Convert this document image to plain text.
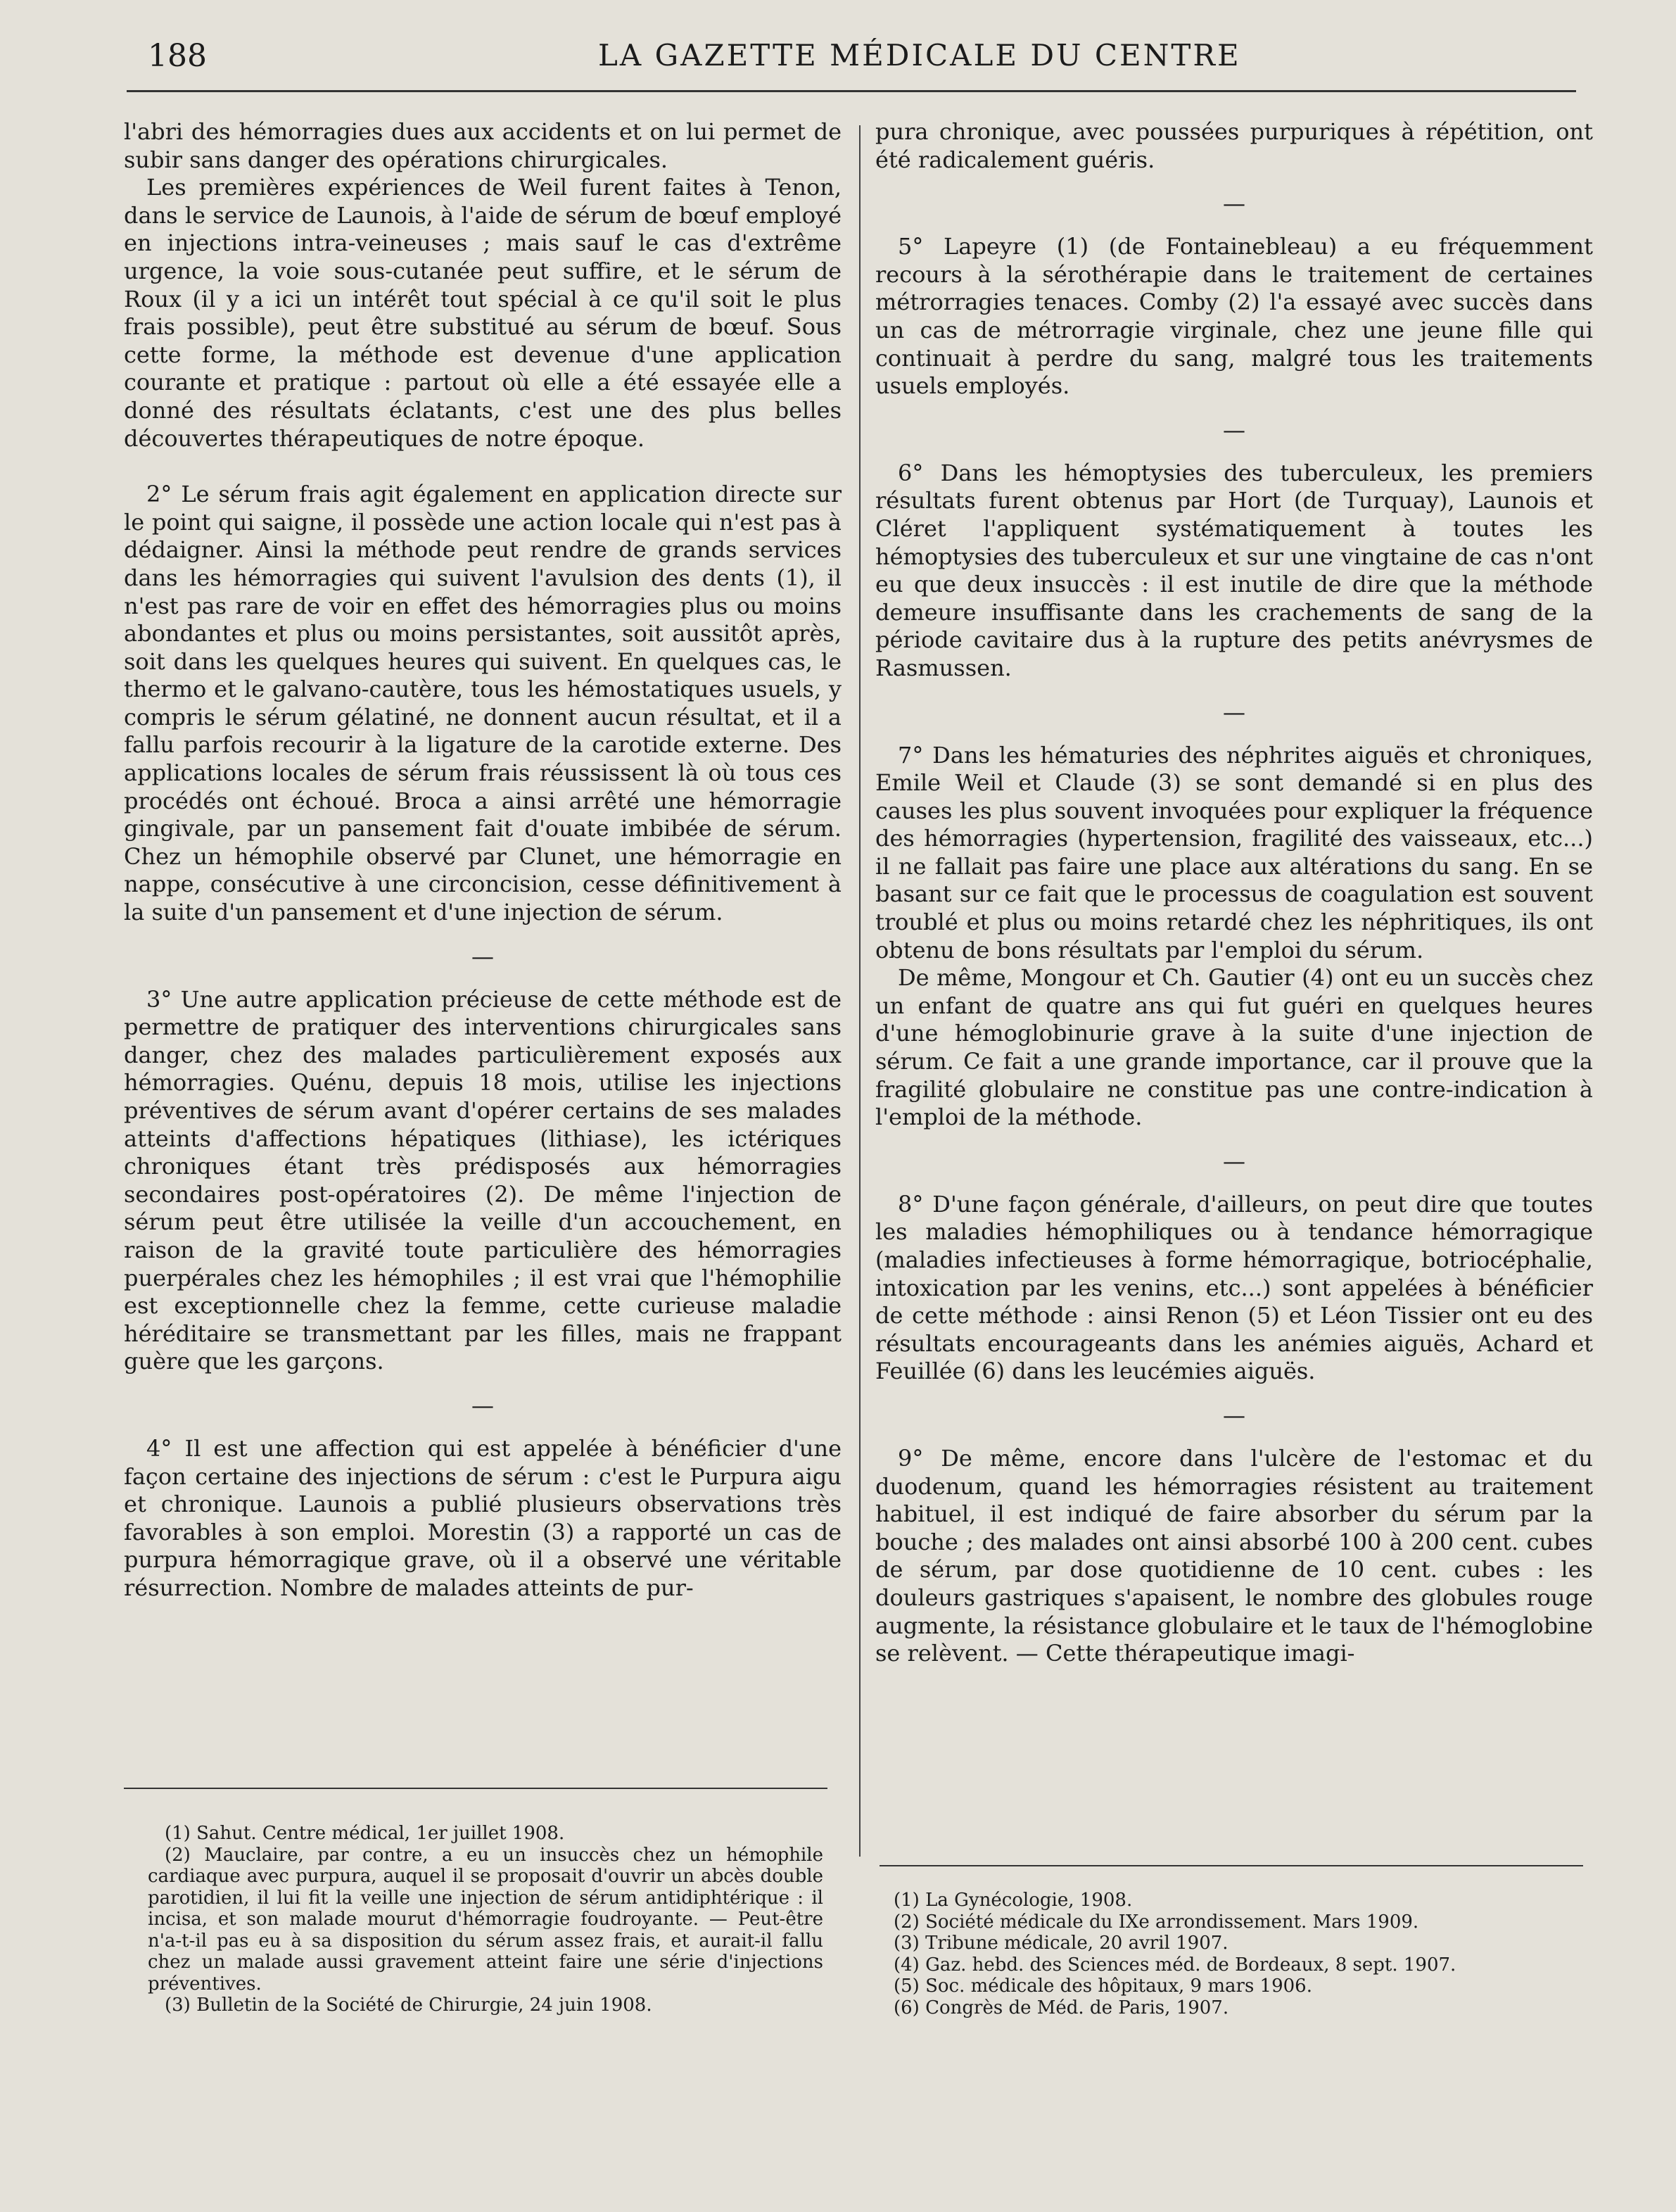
188	LA GAZETTE MÉDICALE DU CENTRE

l'abri des hémorragies dues aux accidents et on lui permet de subir sans danger des opérations chirurgicales.

Les premières expériences de Weil furent faites à Tenon, dans le service de Launois, à l'aide de sérum de bœuf employé en injections intra-veineuses ; mais sauf le cas d'extrême urgence, la voie sous-cutanée peut suffire, et le sérum de Roux (il y a ici un intérêt tout spécial à ce qu'il soit le plus frais possible), peut être substitué au sérum de bœuf. Sous cette forme, la méthode est devenue d'une application courante et pratique : partout où elle a été essayée elle a donné des résultats éclatants, c'est une des plus belles découvertes thérapeutiques de notre époque.

2° Le sérum frais agit également en application directe sur le point qui saigne, il possède une action locale qui n'est pas à dédaigner. Ainsi la méthode peut rendre de grands services dans les hémorragies qui suivent l'avulsion des dents (1), il n'est pas rare de voir en effet des hémorragies plus ou moins abondantes et plus ou moins persistantes, soit aussitôt après, soit dans les quelques heures qui suivent. En quelques cas, le thermo et le galvano-cautère, tous les hémostatiques usuels, y compris le sérum gélatiné, ne donnent aucun résultat, et il a fallu parfois recourir à la ligature de la carotide externe. Des applications locales de sérum frais réussissent là où tous ces procédés ont échoué. Broca a ainsi arrêté une hémorragie gingivale, par un pansement fait d'ouate imbibée de sérum. Chez un hémophile observé par Clunet, une hémorragie en nappe, consécutive à une circoncision, cesse définitivement à la suite d'un pansement et d'une injection de sérum.

—

3° Une autre application précieuse de cette méthode est de permettre de pratiquer des interventions chirurgicales sans danger, chez des malades particulièrement exposés aux hémorragies. Quénu, depuis 18 mois, utilise les injections préventives de sérum avant d'opérer certains de ses malades atteints d'affections hépatiques (lithiase), les ictériques chroniques étant très prédisposés aux hémorragies secondaires post-opératoires (2). De même l'injection de sérum peut être utilisée la veille d'un accouchement, en raison de la gravité toute particulière des hémorragies puerpérales chez les hémophiles ; il est vrai que l'hémophilie est exceptionnelle chez la femme, cette curieuse maladie héréditaire se transmettant par les filles, mais ne frappant guère que les garçons.

—

4° Il est une affection qui est appelée à bénéficier d'une façon certaine des injections de sérum : c'est le Purpura aigu et chronique. Launois a publié plusieurs observations très favorables à son emploi. Morestin (3) a rapporté un cas de purpura hémorragique grave, où il a observé une véritable résurrection. Nombre de malades atteints de pur-

(1) Sahut. Centre médical, 1er juillet 1908.

(2) Mauclaire, par contre, a eu un insuccès chez un hémophile cardiaque avec purpura, auquel il se proposait d'ouvrir un abcès double parotidien, il lui fit la veille une injection de sérum antidiphtérique : il incisa, et son malade mourut d'hémorragie foudroyante. — Peut-être n'a-t-il pas eu à sa disposition du sérum assez frais, et aurait-il fallu chez un malade aussi gravement atteint faire une série d'injections préventives.

(3) Bulletin de la Société de Chirurgie, 24 juin 1908.

pura chronique, avec poussées purpuriques à répétition, ont été radicalement guéris.

—

5° Lapeyre (1) (de Fontainebleau) a eu fréquemment recours à la sérothérapie dans le traitement de certaines métrorragies tenaces. Comby (2) l'a essayé avec succès dans un cas de métrorragie virginale, chez une jeune fille qui continuait à perdre du sang, malgré tous les traitements usuels employés.

—

6° Dans les hémoptysies des tuberculeux, les premiers résultats furent obtenus par Hort (de Turquay), Launois et Cléret l'appliquent systématiquement à toutes les hémoptysies des tuberculeux et sur une vingtaine de cas n'ont eu que deux insuccès : il est inutile de dire que la méthode demeure insuffisante dans les crachements de sang de la période cavitaire dus à la rupture des petits anévrysmes de Rasmussen.

—

7° Dans les hématuries des néphrites aiguës et chroniques, Emile Weil et Claude (3) se sont demandé si en plus des causes les plus souvent invoquées pour expliquer la fréquence des hémorragies (hypertension, fragilité des vaisseaux, etc...) il ne fallait pas faire une place aux altérations du sang. En se basant sur ce fait que le processus de coagulation est souvent troublé et plus ou moins retardé chez les néphritiques, ils ont obtenu de bons résultats par l'emploi du sérum.

De même, Mongour et Ch. Gautier (4) ont eu un succès chez un enfant de quatre ans qui fut guéri en quelques heures d'une hémoglobinurie grave à la suite d'une injection de sérum. Ce fait a une grande importance, car il prouve que la fragilité globulaire ne constitue pas une contre-indication à l'emploi de la méthode.

—

8° D'une façon générale, d'ailleurs, on peut dire que toutes les maladies hémophiliques ou à tendance hémorragique (maladies infectieuses à forme hémorragique, botriocéphalie, intoxication par les venins, etc...) sont appelées à bénéficier de cette méthode : ainsi Renon (5) et Léon Tissier ont eu des résultats encourageants dans les anémies aiguës, Achard et Feuillée (6) dans les leucémies aiguës.

—

9° De même, encore dans l'ulcère de l'estomac et du duodenum, quand les hémorragies résistent au traitement habituel, il est indiqué de faire absorber du sérum par la bouche ; des malades ont ainsi absorbé 100 à 200 cent. cubes de sérum, par dose quotidienne de 10 cent. cubes : les douleurs gastriques s'apaisent, le nombre des globules rouge augmente, la résistance globulaire et le taux de l'hémoglobine se relèvent. — Cette thérapeutique imagi-

(1) La Gynécologie, 1908.

(2) Société médicale du IXe arrondissement. Mars 1909.

(3) Tribune médicale, 20 avril 1907.

(4) Gaz. hebd. des Sciences méd. de Bordeaux, 8 sept. 1907.

(5) Soc. médicale des hôpitaux, 9 mars 1906.

(6) Congrès de Méd. de Paris, 1907.
